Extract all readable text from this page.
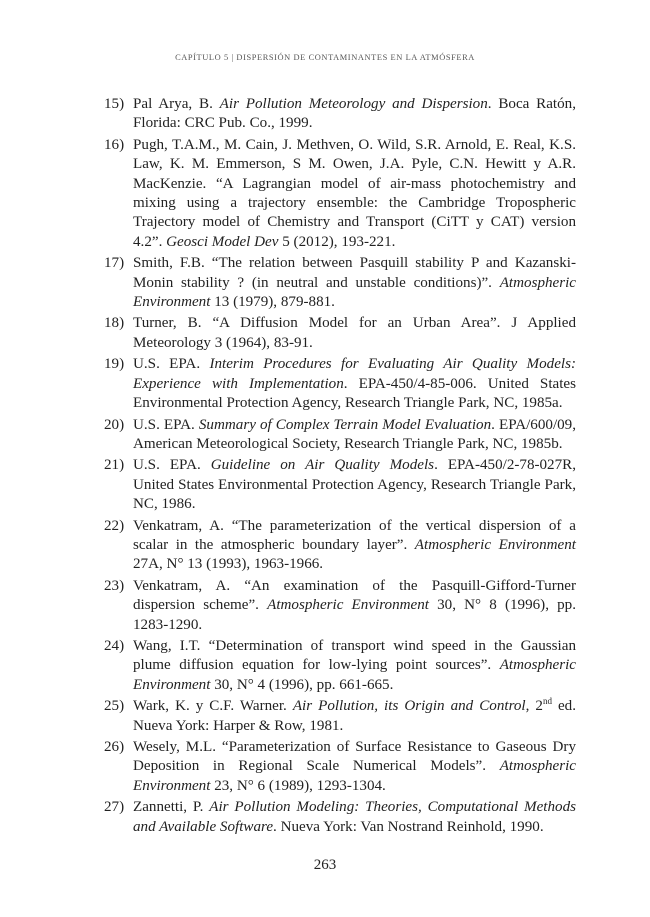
CAPÍTULO 5 | DISPERSIÓN DE CONTAMINANTES EN LA ATMÓSFERA
15) Pal Arya, B. Air Pollution Meteorology and Dispersion. Boca Ratón, Florida: CRC Pub. Co., 1999.
16) Pugh, T.A.M., M. Cain, J. Methven, O. Wild, S.R. Arnold, E. Real, K.S. Law, K. M. Emmerson, S M. Owen, J.A. Pyle, C.N. Hewitt y A.R. MacKenzie. “A Lagrangian model of air-mass photochemistry and mixing using a trajectory ensemble: the Cambridge Tropospheric Trajectory model of Chemistry and Transport (CiTT y CAT) version 4.2”. Geosci Model Dev 5 (2012), 193-221.
17) Smith, F.B. “The relation between Pasquill stability P and Kazanski-Monin stability ? (in neutral and unstable conditions)”. Atmospheric Environment 13 (1979), 879-881.
18) Turner, B. “A Diffusion Model for an Urban Area”. J Applied Meteorology 3 (1964), 83-91.
19) U.S. EPA. Interim Procedures for Evaluating Air Quality Models: Experience with Implementation. EPA-450/4-85-006. United States Environmental Protection Agency, Research Triangle Park, NC, 1985a.
20) U.S. EPA. Summary of Complex Terrain Model Evaluation. EPA/600/09, American Meteorological Society, Research Triangle Park, NC, 1985b.
21) U.S. EPA. Guideline on Air Quality Models. EPA-450/2-78-027R, United States Environmental Protection Agency, Research Triangle Park, NC, 1986.
22) Venkatram, A. “The parameterization of the vertical dispersion of a scalar in the atmospheric boundary layer”. Atmospheric Environment 27A, N° 13 (1993), 1963-1966.
23) Venkatram, A. “An examination of the Pasquill-Gifford-Turner dispersion scheme”. Atmospheric Environment 30, N° 8 (1996), pp. 1283-1290.
24) Wang, I.T. “Determination of transport wind speed in the Gaussian plume diffusion equation for low-lying point sources”. Atmospheric Environment 30, N° 4 (1996), pp. 661-665.
25) Wark, K. y C.F. Warner. Air Pollution, its Origin and Control, 2nd ed. Nueva York: Harper & Row, 1981.
26) Wesely, M.L. “Parameterization of Surface Resistance to Gaseous Dry Deposition in Regional Scale Numerical Models”. Atmospheric Environment 23, N° 6 (1989), 1293-1304.
27) Zannetti, P. Air Pollution Modeling: Theories, Computational Methods and Available Software. Nueva York: Van Nostrand Reinhold, 1990.
263
